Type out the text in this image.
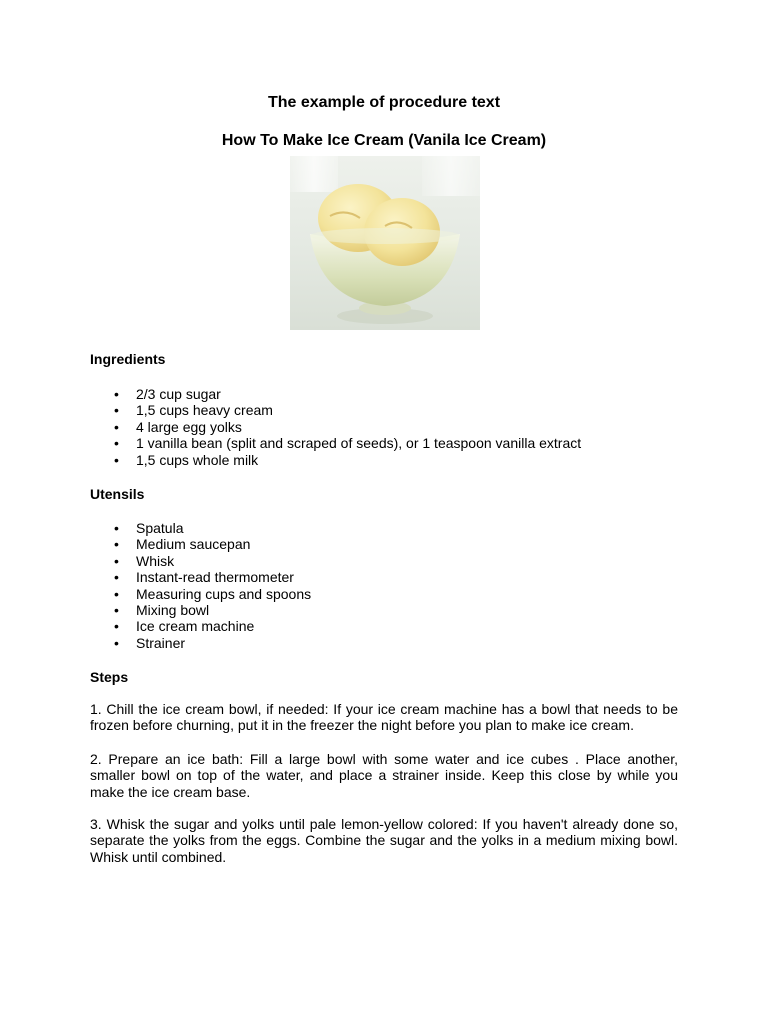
The example of procedure text
How To Make Ice Cream (Vanila Ice Cream)
Ingredients
• 2/3 cup sugar
• 1,5 cups heavy cream
• 4 large egg yolks
• 1 vanilla bean (split and scraped of seeds), or 1 teaspoon vanilla extract
• 1,5 cups whole milk
Utensils
• Spatula
• Medium saucepan
• Whisk
• Instant-read thermometer
• Measuring cups and spoons
• Mixing bowl
• Ice cream machine
• Strainer
Steps

1. Chill the ice cream bowl, if needed: If your ice cream machine has a bowl that needs to be frozen before churning, put it in the freezer the night before you plan to make ice cream.

2. Prepare an ice bath: Fill a large bowl with some water and ice cubes . Place another, smaller bowl on top of the water, and place a strainer inside. Keep this close by while you make the ice cream base.

3. Whisk the sugar and yolks until pale lemon-yellow colored: If you haven't already done so, separate the yolks from the eggs. Combine the sugar and the yolks in a medium mixing bowl. Whisk until combined.
